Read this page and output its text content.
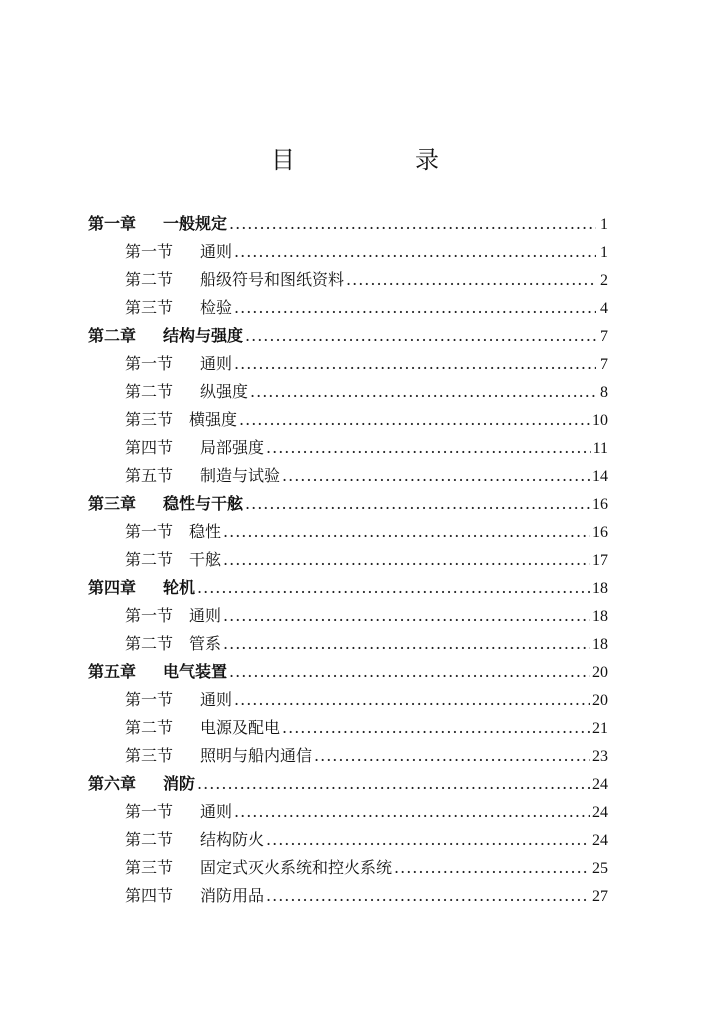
目　录
第一章	一般规定 .....	1
第一节	通则 .....	1
第二节	船级符号和图纸资料 .....	2
第三节	检验 .....	4
第二章	结构与强度 .....	7
第一节	通则 .....	7
第二节	纵强度 .....	8
第三节 横强度 .....	10
第四节	局部强度 .....	11
第五节	制造与试验 .....	14
第三章	稳性与干舷 .....	16
第一节 稳性 .....	16
第二节 干舷 .....	17
第四章	轮机 .....	18
第一节 通则 .....	18
第二节 管系 .....	18
第五章	电气装置 .....	20
第一节	通则 .....	20
第二节	电源及配电 .....	21
第三节	照明与船内通信 .....	23
第六章	消防 .....	24
第一节	通则 .....	24
第二节	结构防火 .....	24
第三节	固定式灭火系统和控火系统 .....	25
第四节	消防用品 .....	27
